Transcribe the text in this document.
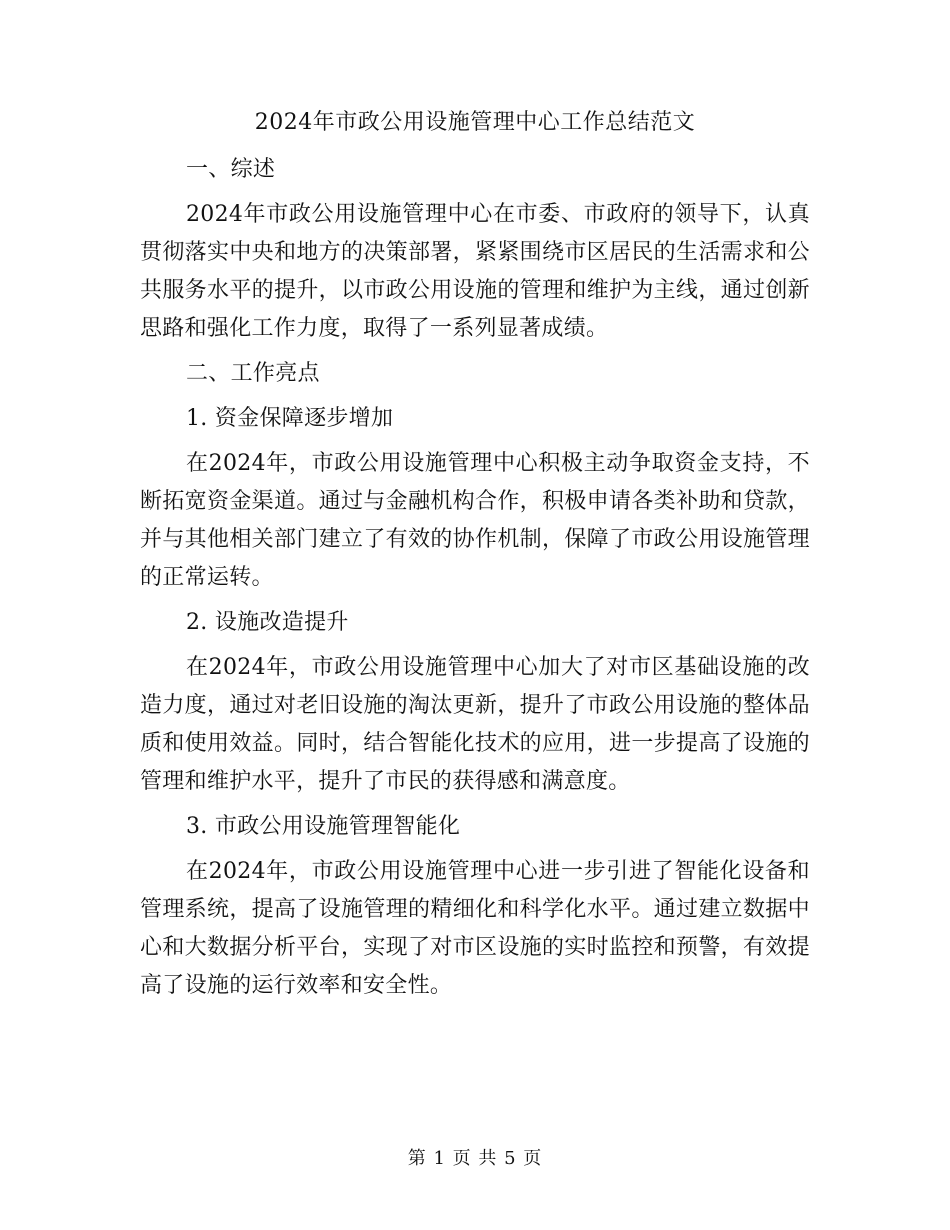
2024年市政公用设施管理中心工作总结范文

一、综述

2024年市政公用设施管理中心在市委、市政府的领导下，认真贯彻落实中央和地方的决策部署，紧紧围绕市区居民的生活需求和公共服务水平的提升，以市政公用设施的管理和维护为主线，通过创新思路和强化工作力度，取得了一系列显著成绩。

二、工作亮点

1. 资金保障逐步增加

在2024年，市政公用设施管理中心积极主动争取资金支持，不断拓宽资金渠道。通过与金融机构合作，积极申请各类补助和贷款，并与其他相关部门建立了有效的协作机制，保障了市政公用设施管理的正常运转。

2. 设施改造提升

在2024年，市政公用设施管理中心加大了对市区基础设施的改造力度，通过对老旧设施的淘汰更新，提升了市政公用设施的整体品质和使用效益。同时，结合智能化技术的应用，进一步提高了设施的管理和维护水平，提升了市民的获得感和满意度。

3. 市政公用设施管理智能化

在2024年，市政公用设施管理中心进一步引进了智能化设备和管理系统，提高了设施管理的精细化和科学化水平。通过建立数据中心和大数据分析平台，实现了对市区设施的实时监控和预警，有效提高了设施的运行效率和安全性。

第 1 页 共 5 页
